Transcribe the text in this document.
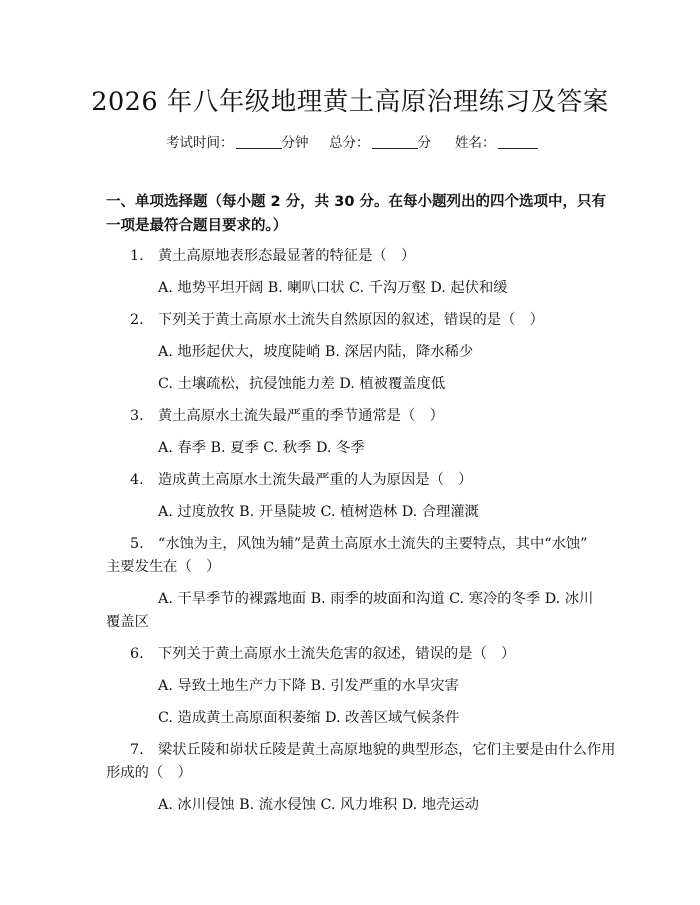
2026 年八年级地理黄土高原治理练习及答案
考试时间：	分钟 总分：	分 姓名：
一、单项选择题（每小题 2 分，共 30 分。在每小题列出的四个选项中，只有一项是最符合题目要求的。）
1.　黄土高原地表形态最显著的特征是（　）
A. 地势平坦开阔 B. 喇叭口状 C. 千沟万壑 D. 起伏和缓
2.　下列关于黄土高原水土流失自然原因的叙述，错误的是（　）
A. 地形起伏大，坡度陡峭 B. 深居内陆，降水稀少
C. 土壤疏松，抗侵蚀能力差 D. 植被覆盖度低
3.　黄土高原水土流失最严重的季节通常是（　）
A. 春季 B. 夏季 C. 秋季 D. 冬季
4.　造成黄土高原水土流失最严重的人为原因是（　）
A. 过度放牧 B. 开垦陡坡 C. 植树造林 D. 合理灌溉
5.　“水蚀为主，风蚀为辅”是黄土高原水土流失的主要特点，其中“水蚀”
主要发生在（　）
A. 干旱季节的裸露地面 B. 雨季的坡面和沟道 C. 寒冷的冬季 D. 冰川
覆盖区
6.　下列关于黄土高原水土流失危害的叙述，错误的是（　）
A. 导致土地生产力下降 B. 引发严重的水旱灾害
C. 造成黄土高原面积萎缩 D. 改善区域气候条件
7.　梁状丘陵和峁状丘陵是黄土高原地貌的典型形态，它们主要是由什么作用
形成的（　）
A. 冰川侵蚀 B. 流水侵蚀 C. 风力堆积 D. 地壳运动
